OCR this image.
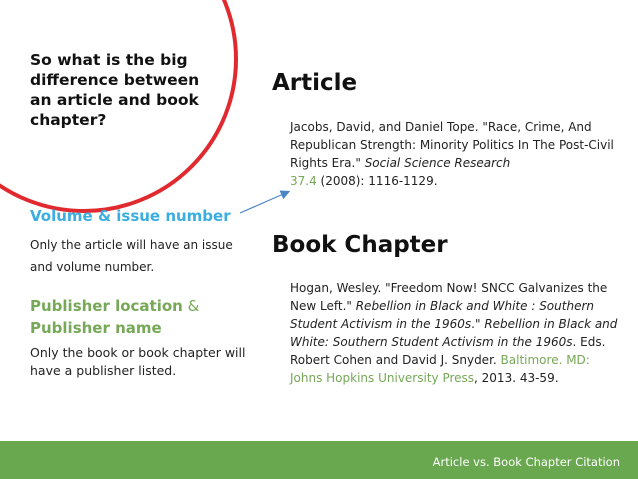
So what is the big
difference between
an article and book
chapter?
Article
Jacobs, David, and Daniel Tope. "Race, Crime, And Republican Strength: Minority Politics In The Post-Civil Rights Era." Social Science Research
37.4 (2008): 1116-1129.
Volume & issue number
Only the article will have an issue and volume number.
Publisher location &
Publisher name
Only the book or book chapter will have a publisher listed.
Book Chapter
Hogan, Wesley. "Freedom Now! SNCC Galvanizes the New Left." Rebellion in Black and White : Southern Student Activism in the 1960s." Rebellion in Black and White: Southern Student Activism in the 1960s. Eds. Robert Cohen and David J. Snyder. Baltimore. MD: Johns Hopkins University Press, 2013. 43-59.
Article vs. Book Chapter Citation
